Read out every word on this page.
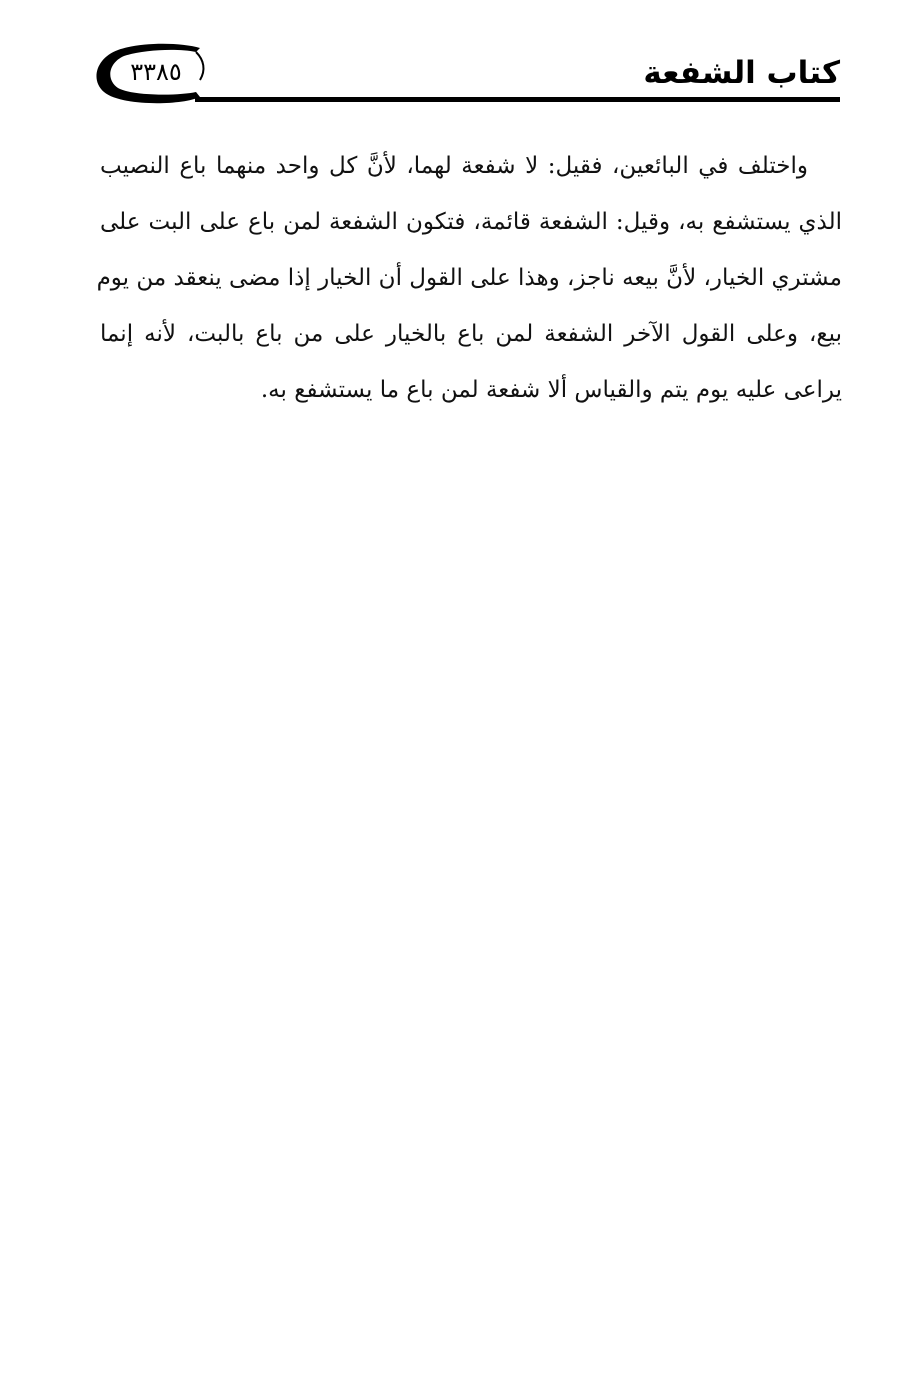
كتاب الشفعة
٣٣٨٥
واختلف في البائعين، فقيل: لا شفعة لهما، لأنَّ كل واحد منهما باع النصيب
الذي يستشفع به، وقيل: الشفعة قائمة، فتكون الشفعة لمن باع على البت على
مشتري الخيار، لأنَّ بيعه ناجز، وهذا على القول أن الخيار إذا مضى ينعقد من يوم
بيع، وعلى القول الآخر الشفعة لمن باع بالخيار على من باع بالبت، لأنه إنما
يراعى عليه يوم يتم والقياس ألا شفعة لمن باع ما يستشفع به.
